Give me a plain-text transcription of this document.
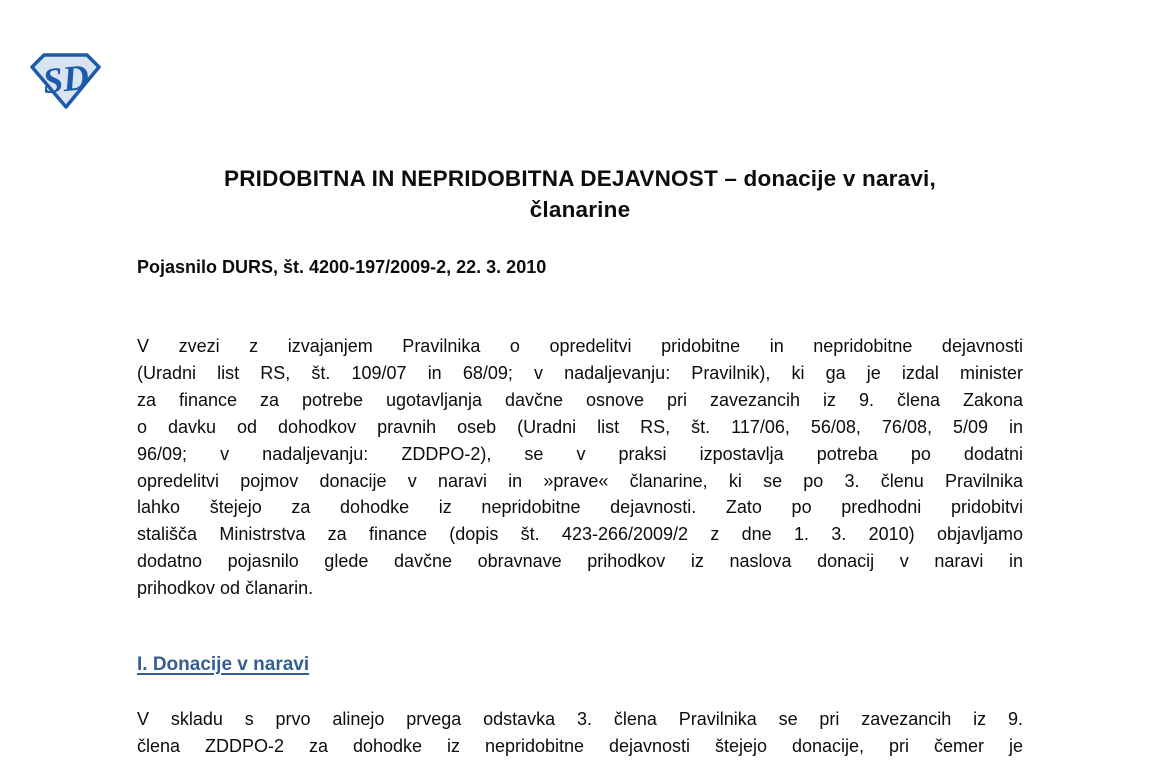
SD
PRIDOBITNA IN NEPRIDOBITNA DEJAVNOST – donacije v naravi,
članarine
Pojasnilo DURS, št. 4200-197/2009-2, 22. 3. 2010
V zvezi z izvajanjem Pravilnika o opredelitvi pridobitne in nepridobitne dejavnosti
(Uradni list RS, št. 109/07 in 68/09; v nadaljevanju: Pravilnik), ki ga je izdal minister
za finance za potrebe ugotavljanja davčne osnove pri zavezancih iz 9. člena Zakona
o davku od dohodkov pravnih oseb (Uradni list RS, št. 117/06, 56/08, 76/08, 5/09 in
96/09; v nadaljevanju: ZDDPO-2), se v praksi izpostavlja potreba po dodatni
opredelitvi pojmov donacije v naravi in »prave« članarine, ki se po 3. členu Pravilnika
lahko štejejo za dohodke iz nepridobitne dejavnosti. Zato po predhodni pridobitvi
stališča Ministrstva za finance (dopis št. 423-266/2009/2 z dne 1. 3. 2010) objavljamo
dodatno pojasnilo glede davčne obravnave prihodkov iz naslova donacij v naravi in
prihodkov od članarin.
I. Donacije v naravi
V skladu s prvo alinejo prvega odstavka 3. člena Pravilnika se pri zavezancih iz 9.
člena ZDDPO-2 za dohodke iz nepridobitne dejavnosti štejejo donacije, pri čemer je
